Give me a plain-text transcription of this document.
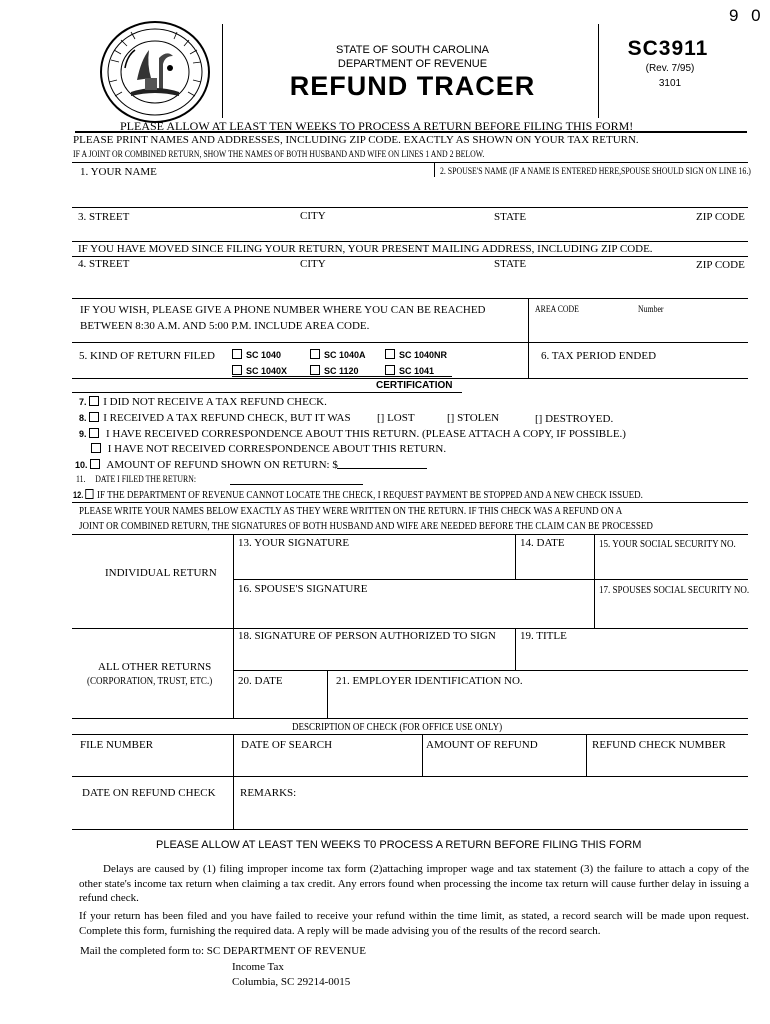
9 0
STATE OF SOUTH CAROLINA
DEPARTMENT OF REVENUE
REFUND TRACER
SC3911
(Rev. 7/95)
3101
PLEASE ALLOW AT LEAST TEN WEEKS TO PROCESS A RETURN BEFORE FILING THIS FORM!
PLEASE PRINT NAMES AND ADDRESSES, INCLUDING ZIP CODE. EXACTLY AS SHOWN ON YOUR TAX RETURN.
IF A JOINT OR COMBINED RETURN, SHOW THE NAMES OF BOTH HUSBAND AND WIFE ON LINES 1 AND 2 BELOW.
1. YOUR NAME	2. SPOUSE'S NAME (IF A NAME IS ENTERED HERE,SPOUSE SHOULD SIGN ON LINE 16.)
3. STREET	CITY	STATE	ZIP CODE
IF YOU HAVE MOVED SINCE FILING YOUR RETURN, YOUR PRESENT MAILING ADDRESS, INCLUDING ZIP CODE.
4. STREET	CITY	STATE	ZIP CODE
IF YOU WISH, PLEASE GIVE A PHONE NUMBER WHERE YOU CAN BE REACHED
BETWEEN 8:30 A.M. AND 5:00 P.M. INCLUDE AREA CODE.
AREA CODE	Number
5. KIND OF RETURN FILED	SC 1040	SC 1040A	SC 1040NR
SC 1040X	SC 1120	SC 1041
6. TAX PERIOD ENDED
CERTIFICATION
7. I DID NOT RECEIVE A TAX REFUND CHECK.
8. I RECEIVED A TAX REFUND CHECK, BUT IT WAS [] LOST	[] STOLEN	[] DESTROYED.
9. I HAVE RECEIVED CORRESPONDENCE ABOUT THIS RETURN. (PLEASE ATTACH A COPY, IF POSSIBLE.)
I HAVE NOT RECEIVED CORRESPONDENCE ABOUT THIS RETURN.
10. AMOUNT OF REFUND SHOWN ON RETURN: $
11. DATE I FILED THE RETURN:
12. IF THE DEPARTMENT OF REVENUE CANNOT LOCATE THE CHECK, I REQUEST PAYMENT BE STOPPED AND A NEW CHECK ISSUED.
PLEASE WRITE YOUR NAMES BELOW EXACTLY AS THEY WERE WRITTEN ON THE RETURN. IF THIS CHECK WAS A REFUND ON A
JOINT OR COMBINED RETURN, THE SIGNATURES OF BOTH HUSBAND AND WIFE ARE NEEDED BEFORE THE CLAIM CAN BE PROCESSED
13. YOUR SIGNATURE	14. DATE	15. YOUR SOCIAL SECURITY NO.
INDIVIDUAL RETURN
16. SPOUSE'S SIGNATURE	17. SPOUSES SOCIAL SECURITY NO.
18. SIGNATURE OF PERSON AUTHORIZED TO SIGN 19. TITLE
ALL OTHER RETURNS
(CORPORATION, TRUST, ETC.) 20. DATE	21. EMPLOYER IDENTIFICATION NO.
DESCRIPTION OF CHECK (FOR OFFICE USE ONLY)
FILE NUMBER	DATE OF SEARCH	AMOUNT OF REFUND	REFUND CHECK NUMBER
DATE ON REFUND CHECK REMARKS:
PLEASE ALLOW AT LEAST TEN WEEKS T0 PROCESS A RETURN BEFORE FILING THIS FORM

Delays are caused by (1) filing improper income tax form (2)attaching improper wage and tax statement (3) the failure to attach a copy of the other state's income tax return when claiming a tax credit. Any errors found when processing the income tax return will cause further delay in issuing a refund check.

If your return has been filed and you have failed to receive your refund within the time limit, as stated, a record search will be made upon request. Complete this form, furnishing the required data. A reply will be made advising you of the results of the record search.

Mail the completed form to: SC DEPARTMENT OF REVENUE
Income Tax
Columbia, SC 29214-0015
